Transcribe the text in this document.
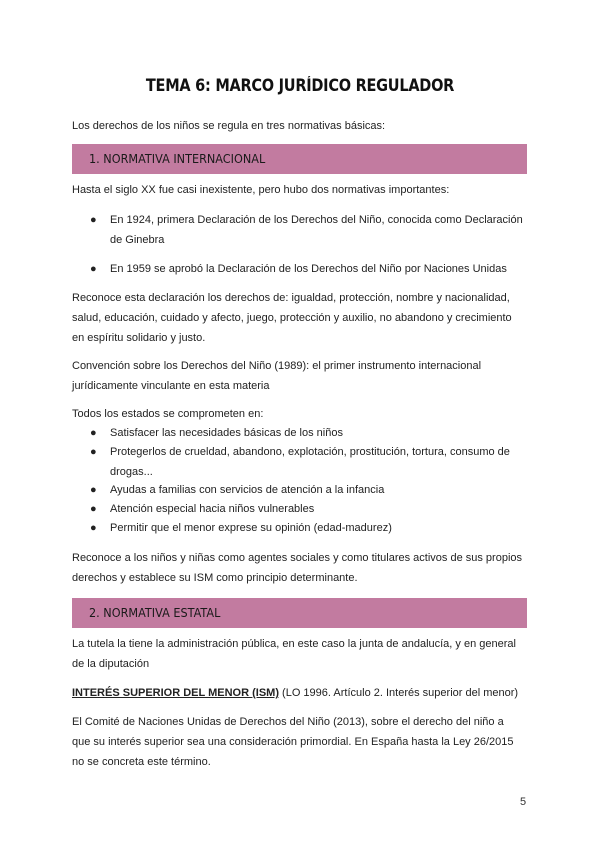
TEMA 6: MARCO JURÍDICO REGULADOR
Los derechos de los niños se regula en tres normativas básicas:
1. NORMATIVA INTERNACIONAL
Hasta el siglo XX fue casi inexistente, pero hubo dos normativas importantes:
● En 1924, primera Declaración de los Derechos del Niño, conocida como Declaración
de Ginebra
● En 1959 se aprobó la Declaración de los Derechos del Niño por Naciones Unidas
Reconoce esta declaración los derechos de: igualdad, protección, nombre y nacionalidad,
salud, educación, cuidado y afecto, juego, protección y auxilio, no abandono y crecimiento
en espíritu solidario y justo.
Convención sobre los Derechos del Niño (1989): el primer instrumento internacional
jurídicamente vinculante en esta materia
Todos los estados se comprometen en:
● Satisfacer las necesidades básicas de los niños
● Protegerlos de crueldad, abandono, explotación, prostitución, tortura, consumo de
drogas...
● Ayudas a familias con servicios de atención a la infancia
● Atención especial hacia niños vulnerables
● Permitir que el menor exprese su opinión (edad-madurez)
Reconoce a los niños y niñas como agentes sociales y como titulares activos de sus propios
derechos y establece su ISM como principio determinante.
2. NORMATIVA ESTATAL
La tutela la tiene la administración pública, en este caso la junta de andalucía, y en general
de la diputación
INTERÉS SUPERIOR DEL MENOR (ISM) (LO 1996. Artículo 2. Interés superior del menor)
El Comité de Naciones Unidas de Derechos del Niño (2013), sobre el derecho del niño a
que su interés superior sea una consideración primordial. En España hasta la Ley 26/2015
no se concreta este término.
5
